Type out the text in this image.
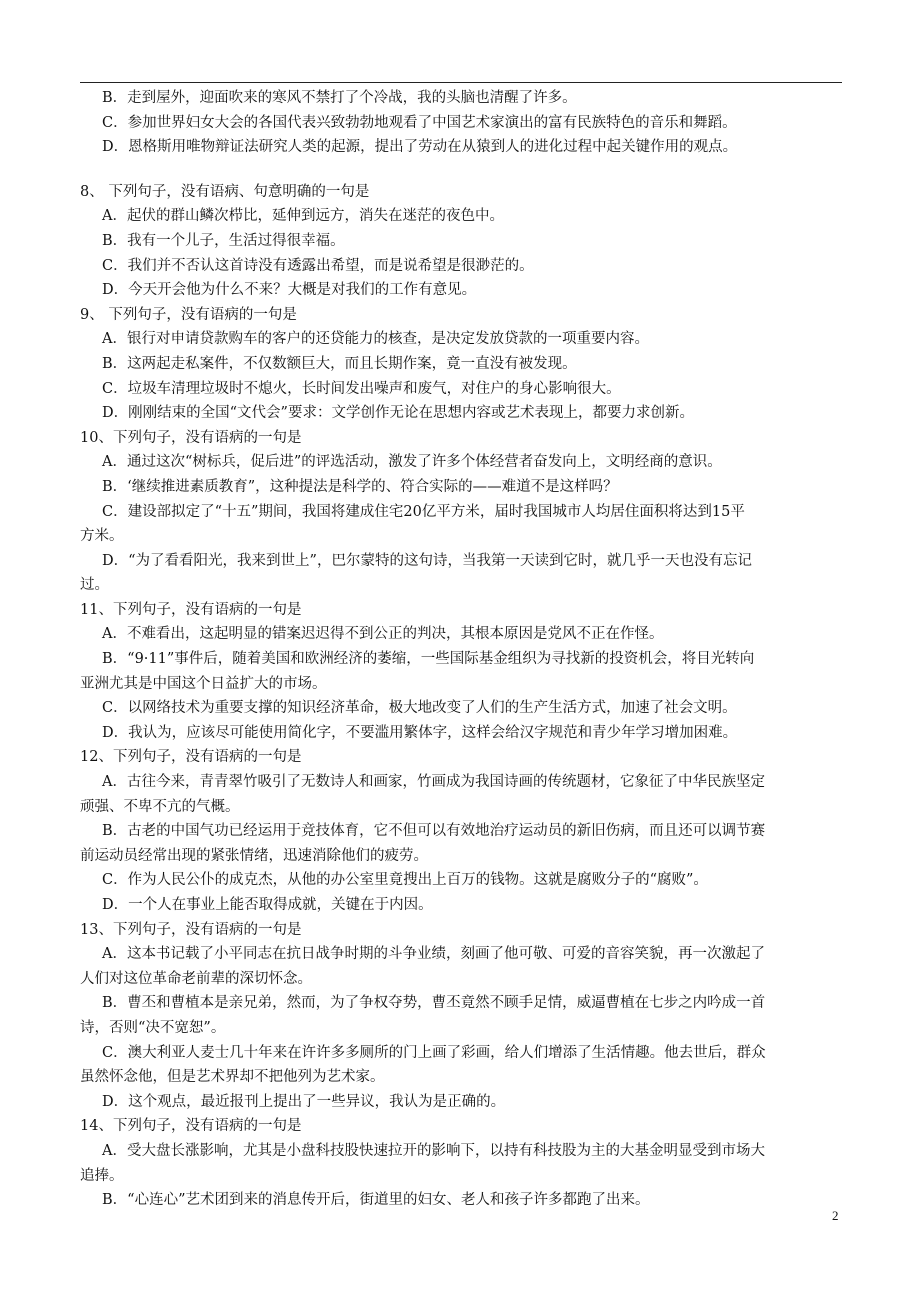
B．走到屋外，迎面吹来的寒风不禁打了个冷战，我的头脑也清醒了许多。
C．参加世界妇女大会的各国代表兴致勃勃地观看了中国艺术家演出的富有民族特色的音乐和舞蹈。
D．恩格斯用唯物辩证法研究人类的起源，提出了劳动在从猿到人的进化过程中起关键作用的观点。
8、 下列句子，没有语病、句意明确的一句是
A．起伏的群山鳞次栉比，延伸到远方，消失在迷茫的夜色中。
B．我有一个儿子，生活过得很幸福。
C．我们并不否认这首诗没有透露出希望，而是说希望是很渺茫的。
D．今天开会他为什么不来？大概是对我们的工作有意见。
9、 下列句子，没有语病的一句是
A．银行对申请贷款购车的客户的还贷能力的核查，是决定发放贷款的一项重要内容。
B．这两起走私案件，不仅数额巨大，而且长期作案，竟一直没有被发现。
C．垃圾车清理垃圾时不熄火，长时间发出噪声和废气，对住户的身心影响很大。
D．刚刚结束的全国“文代会”要求：文学创作无论在思想内容或艺术表现上，都要力求创新。
10、下列句子，没有语病的一句是
A．通过这次“树标兵，促后进”的评选活动，激发了许多个体经营者奋发向上，文明经商的意识。
B．‘继续推进素质教育”，这种提法是科学的、符合实际的——难道不是这样吗？
C．建设部拟定了“十五”期间，我国将建成住宅20亿平方米，届时我国城市人均居住面积将达到15平
方米。
D．“为了看看阳光，我来到世上”，巴尔蒙特的这句诗，当我第一天读到它时，就几乎一天也没有忘记
过。
11、下列句子，没有语病的一句是
A．不难看出，这起明显的错案迟迟得不到公正的判决，其根本原因是党风不正在作怪。
B．“9·11”事件后，随着美国和欧洲经济的萎缩，一些国际基金组织为寻找新的投资机会，将目光转向
亚洲尤其是中国这个日益扩大的市场。
C．以网络技术为重要支撑的知识经济革命，极大地改变了人们的生产生活方式，加速了社会文明。
D．我认为，应该尽可能使用简化字，不要滥用繁体字，这样会给汉字规范和青少年学习增加困难。
12、下列句子，没有语病的一句是
A．古往今来，青青翠竹吸引了无数诗人和画家，竹画成为我国诗画的传统题材，它象征了中华民族坚定
顽强、不卑不亢的气概。
B．古老的中国气功已经运用于竞技体育，它不但可以有效地治疗运动员的新旧伤病，而且还可以调节赛
前运动员经常出现的紧张情绪，迅速消除他们的疲劳。
C．作为人民公仆的成克杰，从他的办公室里竟搜出上百万的钱物。这就是腐败分子的“腐败”。
D．一个人在事业上能否取得成就，关键在于内因。
13、下列句子，没有语病的一句是
A．这本书记载了小平同志在抗日战争时期的斗争业绩，刻画了他可敬、可爱的音容笑貌，再一次激起了
人们对这位革命老前辈的深切怀念。
B．曹丕和曹植本是亲兄弟，然而，为了争权夺势，曹丕竟然不顾手足情，威逼曹植在七步之内吟成一首
诗，否则“决不宽恕”。
C．澳大利亚人麦士几十年来在许许多多厕所的门上画了彩画，给人们增添了生活情趣。他去世后，群众
虽然怀念他，但是艺术界却不把他列为艺术家。
D．这个观点，最近报刊上提出了一些异议，我认为是正确的。
14、下列句子，没有语病的一句是
A．受大盘长涨影响，尤其是小盘科技股快速拉开的影响下，以持有科技股为主的大基金明显受到市场大
追捧。
B．“心连心”艺术团到来的消息传开后，街道里的妇女、老人和孩子许多都跑了出来。
2
